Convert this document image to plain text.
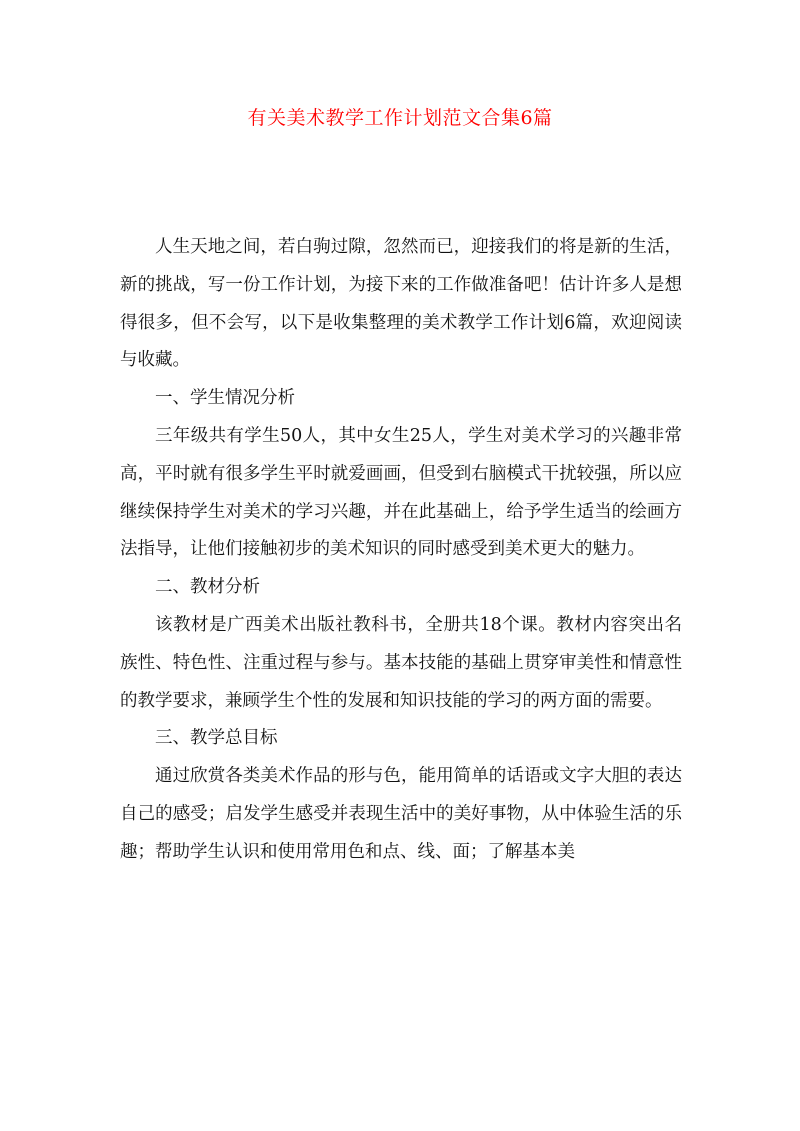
有关美术教学工作计划范文合集6篇

人生天地之间，若白驹过隙，忽然而已，迎接我们的将是新的生活，新的挑战，写一份工作计划，为接下来的工作做准备吧！估计许多人是想得很多，但不会写，以下是收集整理的美术教学工作计划6篇，欢迎阅读与收藏。

一、学生情况分析

三年级共有学生50人，其中女生25人，学生对美术学习的兴趣非常高，平时就有很多学生平时就爱画画，但受到右脑模式干扰较强，所以应继续保持学生对美术的学习兴趣，并在此基础上，给予学生适当的绘画方法指导，让他们接触初步的美术知识的同时感受到美术更大的魅力。

二、教材分析

该教材是广西美术出版社教科书，全册共18个课。教材内容突出名族性、特色性、注重过程与参与。基本技能的基础上贯穿审美性和情意性的教学要求，兼顾学生个性的发展和知识技能的学习的两方面的需要。

三、教学总目标

通过欣赏各类美术作品的形与色，能用简单的话语或文字大胆的表达自己的感受；启发学生感受并表现生活中的美好事物，从中体验生活的乐趣；帮助学生认识和使用常用色和点、线、面；了解基本美
